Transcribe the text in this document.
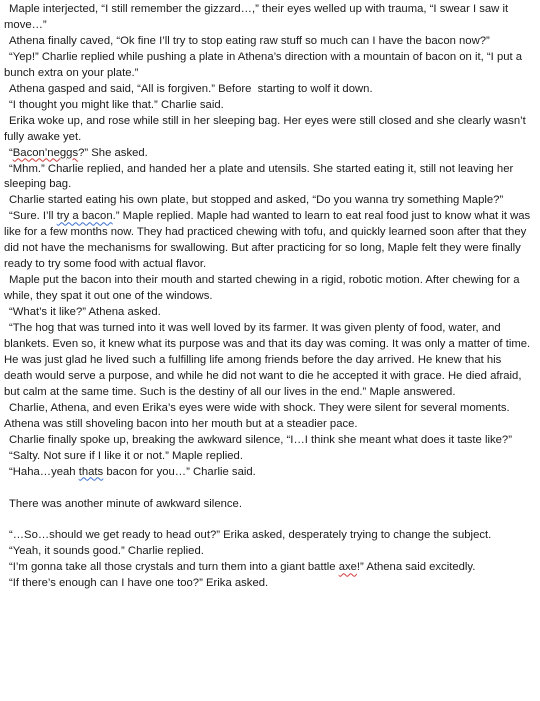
Maple interjected, “I still remember the gizzard…,” their eyes welled up with trauma, “I swear I saw it move…”

Athena finally caved, “Ok fine I’ll try to stop eating raw stuff so much can I have the bacon now?”

“Yep!” Charlie replied while pushing a plate in Athena’s direction with a mountain of bacon on it, “I put a bunch extra on your plate.”

Athena gasped and said, “All is forgiven.” Before  starting to wolf it down.

“I thought you might like that.” Charlie said.

Erika woke up, and rose while still in her sleeping bag. Her eyes were still closed and she clearly wasn’t fully awake yet.

“Bacon’neggs?” She asked.

“Mhm.” Charlie replied, and handed her a plate and utensils. She started eating it, still not leaving her sleeping bag.

Charlie started eating his own plate, but stopped and asked, “Do you wanna try something Maple?”

“Sure. I’ll try a bacon.” Maple replied. Maple had wanted to learn to eat real food just to know what it was like for a few months now. They had practiced chewing with tofu, and quickly learned soon after that they did not have the mechanisms for swallowing. But after practicing for so long, Maple felt they were finally ready to try some food with actual flavor.

Maple put the bacon into their mouth and started chewing in a rigid, robotic motion. After chewing for a while, they spat it out one of the windows.

“What’s it like?” Athena asked.

“The hog that was turned into it was well loved by its farmer. It was given plenty of food, water, and blankets. Even so, it knew what its purpose was and that its day was coming. It was only a matter of time. He was just glad he lived such a fulfilling life among friends before the day arrived. He knew that his death would serve a purpose, and while he did not want to die he accepted it with grace. He died afraid, but calm at the same time. Such is the destiny of all our lives in the end.” Maple answered.

Charlie, Athena, and even Erika’s eyes were wide with shock. They were silent for several moments. Athena was still shoveling bacon into her mouth but at a steadier pace.

Charlie finally spoke up, breaking the awkward silence, “I…I think she meant what does it taste like?”

“Salty. Not sure if I like it or not.” Maple replied.

“Haha…yeah thats bacon for you…” Charlie said.

There was another minute of awkward silence.

“…So…should we get ready to head out?” Erika asked, desperately trying to change the subject.

“Yeah, it sounds good.” Charlie replied.

“I’m gonna take all those crystals and turn them into a giant battle axe!” Athena said excitedly.

“If there’s enough can I have one too?” Erika asked.
